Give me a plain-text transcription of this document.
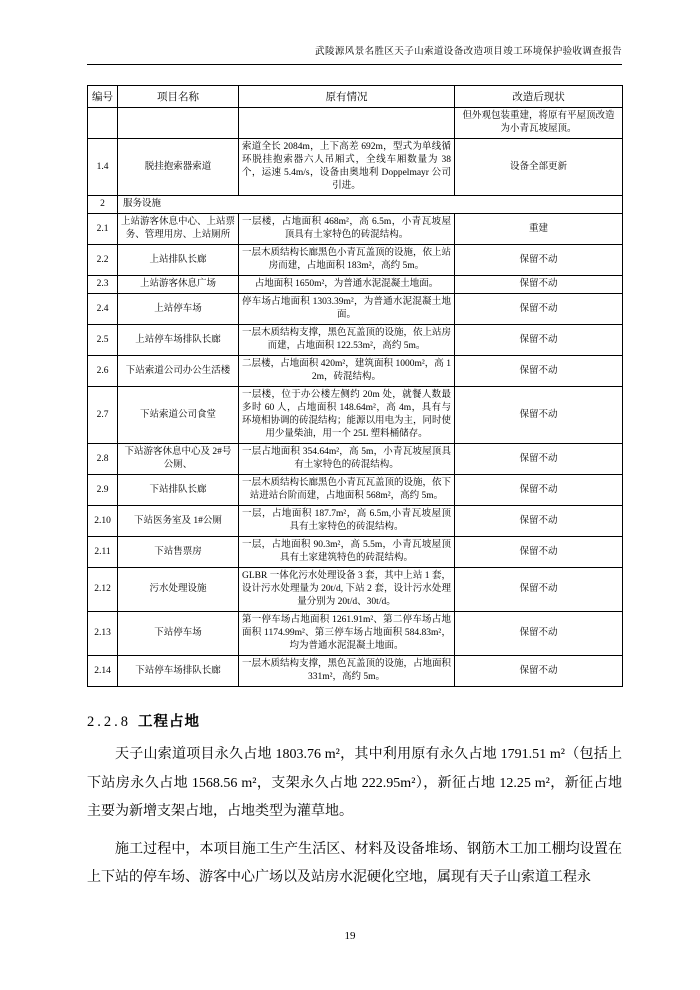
武陵源风景名胜区天子山索道设备改造项目竣工环境保护验收调查报告
编号	项目名称	原有情况	改造后现状
			但外观包装重建，将原有平屋顶改造为小青瓦坡屋顶。
1.4	脱挂抱索器索道	索道全长 2084m，上下高差 692m，型式为单线循环脱挂抱索器六人吊厢式，全线车厢数量为 38 个，运速 5.4m/s，设备由奥地利 Doppelmayr 公司引进。	设备全部更新
2	服务设施		
2.1	上站游客休息中心、上站票务、管理用房、上站厕所	一层楼，占地面积 468m²，高 6.5m，小青瓦坡屋顶具有土家特色的砖混结构。	重建
2.2	上站排队长廊	一层木质结构长廊黑色小青瓦盖顶的设施，依上站房而建，占地面积 183m²，高约 5m。	保留不动
2.3	上站游客休息广场	占地面积 1650m²，为普通水泥混凝土地面。	保留不动
2.4	上站停车场	停车场占地面积 1303.39m²，为普通水泥混凝土地面。	保留不动
2.5	上站停车场排队长廊	一层木质结构支撑，黑色瓦盖顶的设施，依上站房而建，占地面积 122.53m²，高约 5m。	保留不动
2.6	下站索道公司办公生活楼	二层楼，占地面积 420m²，建筑面积 1000m²，高 12m，砖混结构。	保留不动
2.7	下站索道公司食堂	一层楼，位于办公楼左侧约 20m 处，就餐人数最多时 60 人，占地面积 148.64m²，高 4m，具有与环境相协调的砖混结构；能源以用电为主，同时使用少量柴油，用一个 25L 塑料桶储存。	保留不动
2.8	下站游客休息中心及 2#号公厕、	一层占地面积 354.64m²，高 5m，小青瓦坡屋顶具有土家特色的砖混结构。	保留不动
2.9	下站排队长廊	一层木质结构长廊黑色小青瓦瓦盖顶的设施，依下站进站台阶而建，占地面积 568m²，高约 5m。	保留不动
2.10	下站医务室及 1#公厕	一层，占地面积 187.7m²，高 6.5m,小青瓦坡屋顶具有土家特色的砖混结构。	保留不动
2.11	下站售票房	一层，占地面积 90.3m²，高 5.5m，小青瓦坡屋顶具有土家建筑特色的砖混结构。	保留不动
2.12	污水处理设施	GLBR 一体化污水处理设备 3 套，其中上站 1 套，设计污水处理量为 20t/d, 下站 2 套，设计污水处理量分别为 20t/d、30t/d。	保留不动
2.13	下站停车场	第一停车场占地面积 1261.91m²、第二停车场占地面积 1174.99m²、第三停车场占地面积 584.83m²，均为普通水泥混凝土地面。	保留不动
2.14	下站停车场排队长廊	一层木质结构支撑，黑色瓦盖顶的设施，占地面积 331m²，高约 5m。	保留不动
2.2.8 工程占地

天子山索道项目永久占地 1803.76 m²，其中利用原有永久占地 1791.51 m²（包括上下站房永久占地 1568.56 m²，支架永久占地 222.95m²），新征占地 12.25 m²，新征占地主要为新增支架占地，占地类型为灌草地。

施工过程中，本项目施工生产生活区、材料及设备堆场、钢筋木工加工棚均设置在上下站的停车场、游客中心广场以及站房水泥硬化空地，属现有天子山索道工程永

19
